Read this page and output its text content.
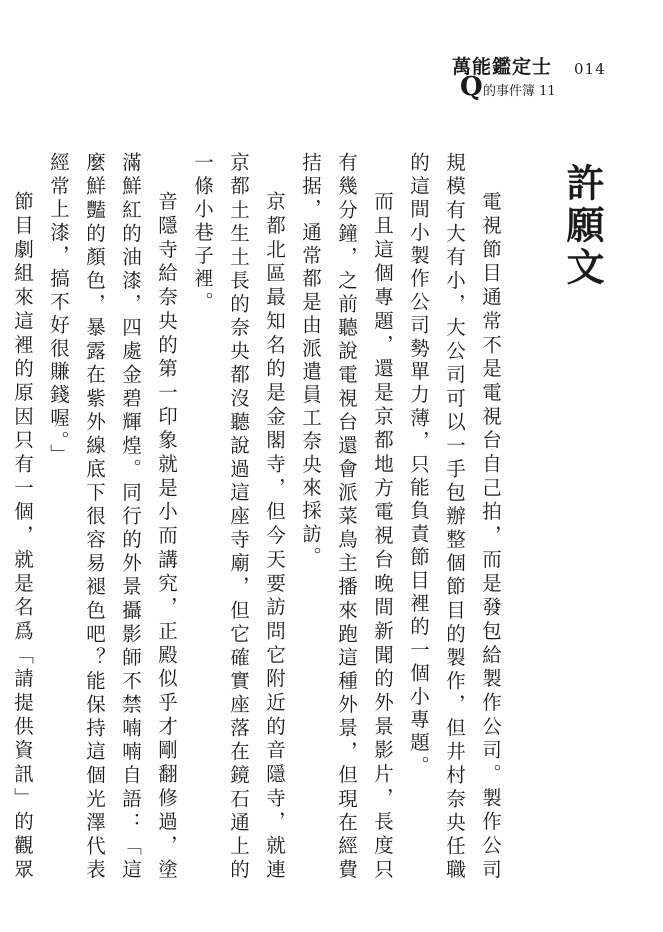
萬能鑑定士
Q 的事件簿 11
014
許願文

電視節目通常不是電視台自己拍，而是發包給製作公司。製作公司規模有大有小，大公司可以一手包辦整個節目的製作，但井村奈央任職的這間小製作公司勢單力薄，只能負責節目裡的一個小專題。

而且這個專題，還是京都地方電視台晚間新聞的外景影片，長度只有幾分鐘，之前聽說電視台還會派菜鳥主播來跑這種外景，但現在經費拮据，通常都是由派遣員工奈央來採訪。

京都北區最知名的是金閣寺，但今天要訪問它附近的音隱寺，就連京都土生土長的奈央都沒聽說過這座寺廟，但它確實座落在鏡石通上的一條小巷子裡。

音隱寺給奈央的第一印象就是小而講究，正殿似乎才剛翻修過，塗滿鮮紅的油漆，四處金碧輝煌。同行的外景攝影師不禁喃喃自語：「這麼鮮豔的顏色，暴露在紫外線底下很容易褪色吧？能保持這個光澤代表經常上漆，搞不好很賺錢喔。」

節目劇組來這裡的原因只有一個，就是名爲「請提供資訊」的觀眾
